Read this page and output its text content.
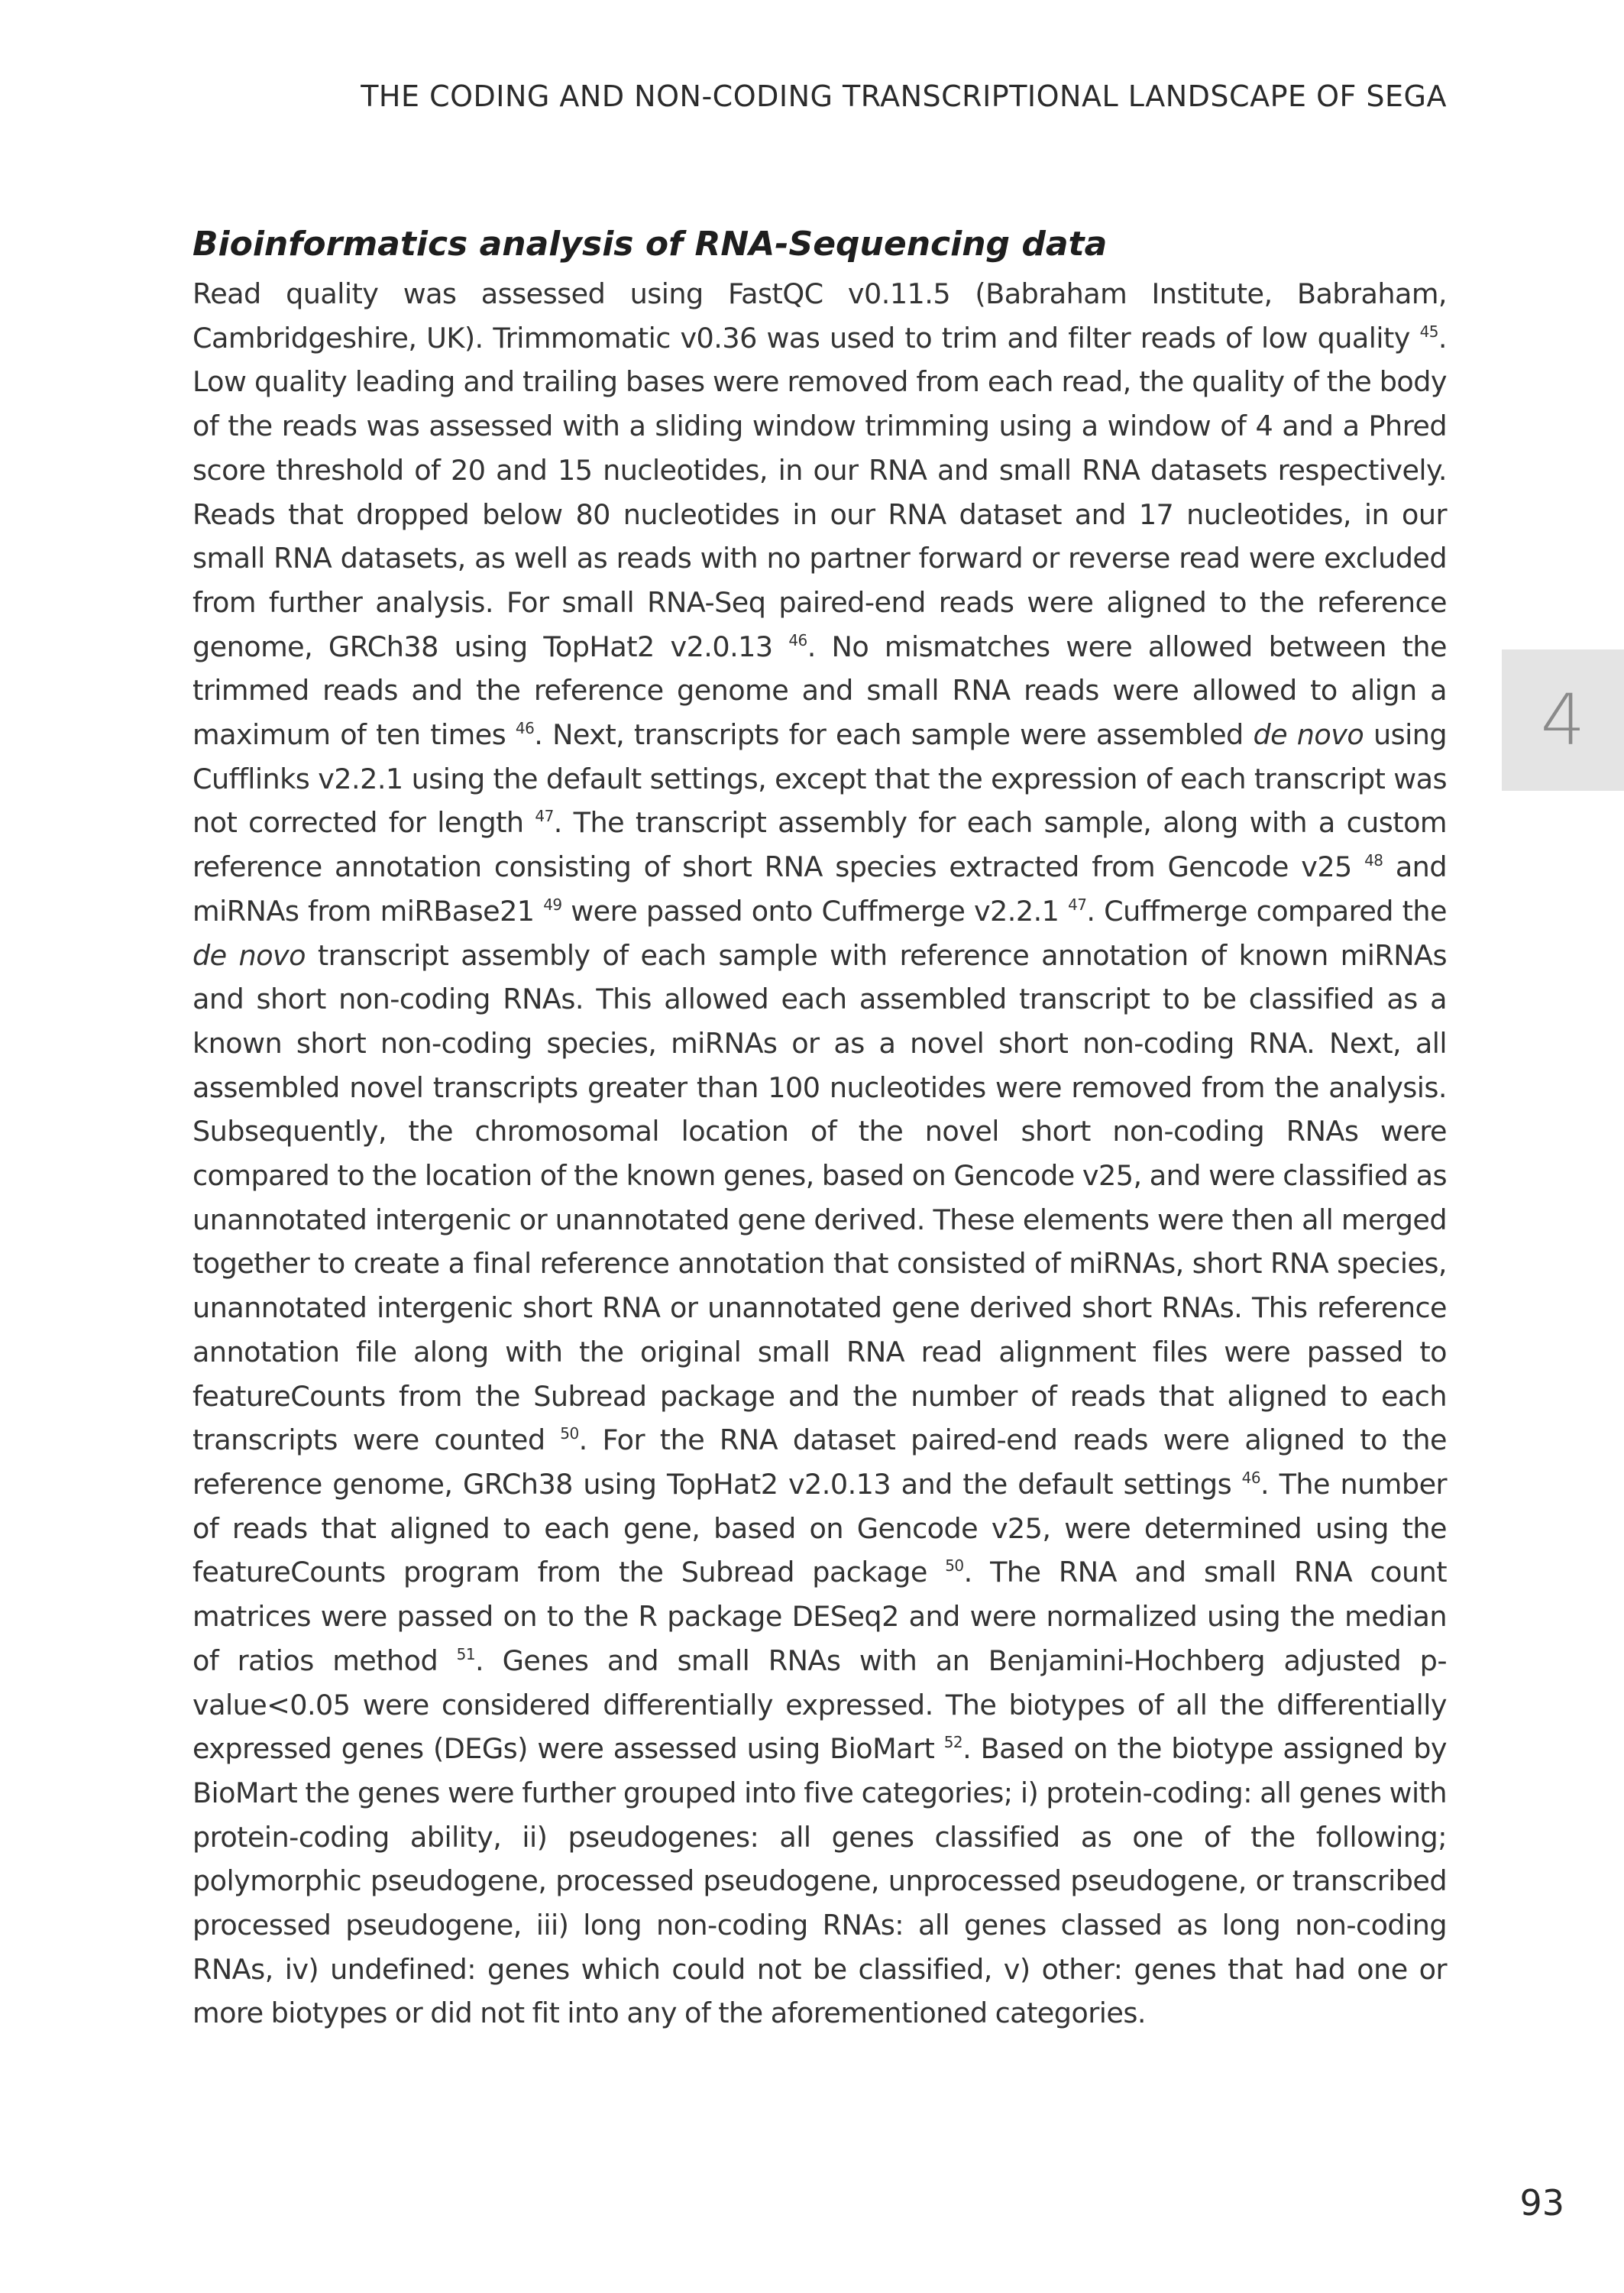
THE CODING AND NON-CODING TRANSCRIPTIONAL LANDSCAPE OF SEGA
4
Bioinformatics analysis of RNA-Sequencing data

Read quality was assessed using FastQC v0.11.5 (Babraham Institute, Babraham, Cambridgeshire, UK). Trimmomatic v0.36 was used to trim and filter reads of low quality $^{45}$. Low quality leading and trailing bases were removed from each read, the quality of the body of the reads was assessed with a sliding window trimming using a window of 4 and a Phred score threshold of 20 and 15 nucleotides, in our RNA and small RNA datasets respectively. Reads that dropped below 80 nucleotides in our RNA dataset and 17 nucleotides, in our small RNA datasets, as well as reads with no partner forward or reverse read were excluded from further analysis. For small RNA-Seq paired-end reads were aligned to the reference genome, GRCh38 using TopHat2 v2.0.13 $^{46}$. No mismatches were allowed between the trimmed reads and the reference genome and small RNA reads were allowed to align a maximum of ten times $^{46}$. Next, transcripts for each sample were assembled de novo using Cufflinks v2.2.1 using the default settings, except that the expression of each transcript was not corrected for length $^{47}$. The transcript assembly for each sample, along with a custom reference annotation consisting of short RNA species extracted from Gencode v25 $^{48}$ and miRNAs from miRBase21 $^{49}$ were passed onto Cuffmerge v2.2.1 $^{47}$. Cuffmerge compared the de novo transcript assembly of each sample with reference annotation of known miRNAs and short non-coding RNAs. This allowed each assembled transcript to be classified as a known short non-coding species, miRNAs or as a novel short non-coding RNA. Next, all assembled novel transcripts greater than 100 nucleotides were removed from the analysis. Subsequently, the chromosomal location of the novel short non-coding RNAs were compared to the location of the known genes, based on Gencode v25, and were classified as unannotated intergenic or unannotated gene derived. These elements were then all merged together to create a final reference annotation that consisted of miRNAs, short RNA species, unannotated intergenic short RNA or unannotated gene derived short RNAs. This reference annotation file along with the original small RNA read alignment files were passed to featureCounts from the Subread package and the number of reads that aligned to each transcripts were counted $^{50}$. For the RNA dataset paired-end reads were aligned to the reference genome, GRCh38 using TopHat2 v2.0.13 and the default settings $^{46}$. The number of reads that aligned to each gene, based on Gencode v25, were determined using the featureCounts program from the Subread package $^{50}$. The RNA and small RNA count matrices were passed on to the R package DESeq2 and were normalized using the median of ratios method $^{51}$. Genes and small RNAs with an Benjamini-Hochberg adjusted p-value<0.05 were considered differentially expressed. The biotypes of all the differentially expressed genes (DEGs) were assessed using BioMart $^{52}$. Based on the biotype assigned by BioMart the genes were further grouped into five categories; i) protein-coding: all genes with protein-coding ability, ii) pseudogenes: all genes classified as one of the following; polymorphic pseudogene, processed pseudogene, unprocessed pseudogene, or transcribed processed pseudogene, iii) long non-coding RNAs: all genes classed as long non-coding RNAs, iv) undefined: genes which could not be classified, v) other: genes that had one or more biotypes or did not fit into any of the aforementioned categories.

93
